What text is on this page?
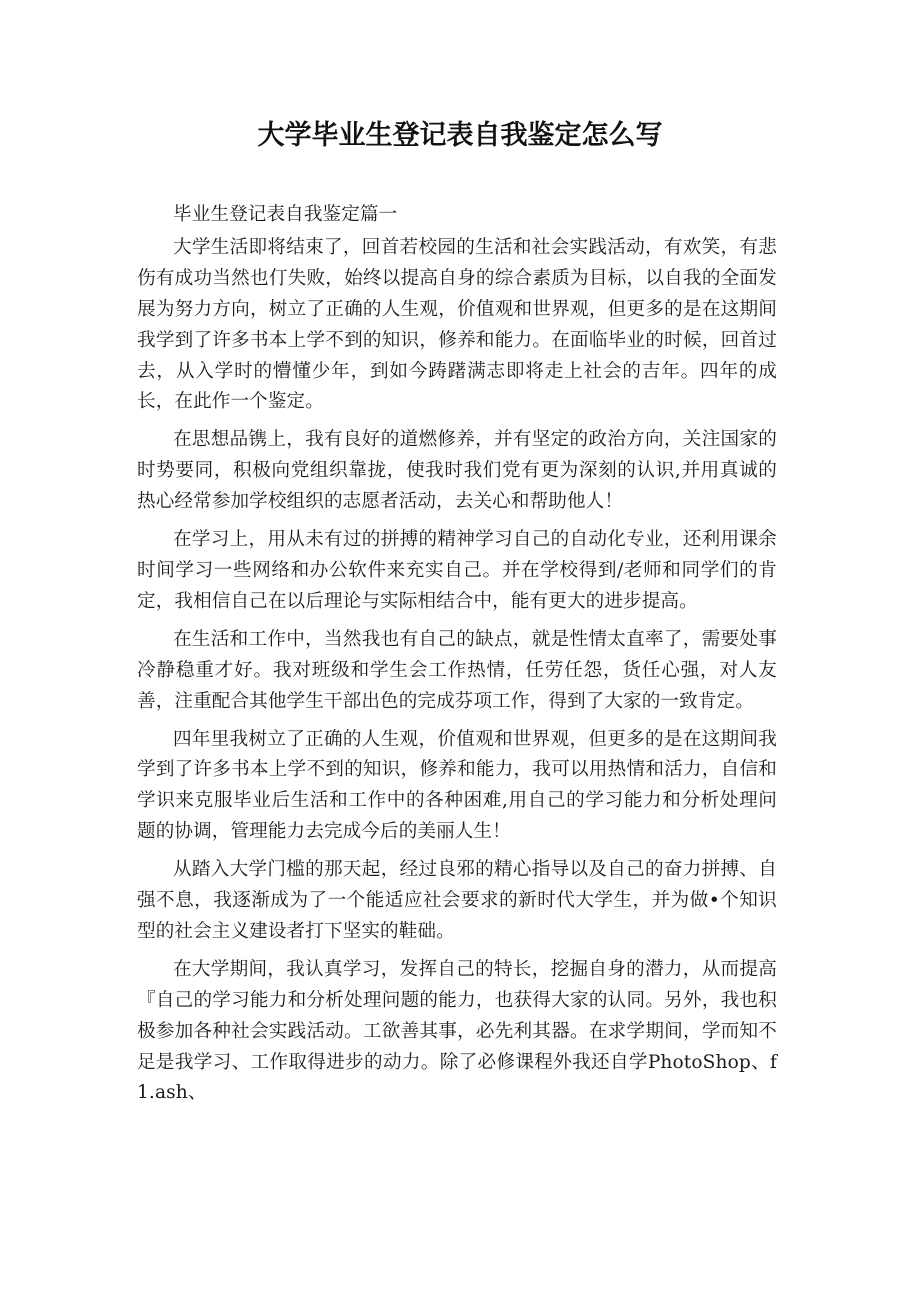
大学毕业生登记表自我鉴定怎么写

毕业生登记表自我鉴定篇一

大学生活即将结束了，回首若校园的生活和社会实践活动，有欢笑，有悲伤有成功当然也仃失败，始终以提高自身的综合素质为目标，以自我的全面发展为努力方向，树立了正确的人生观，价值观和世界观，但更多的是在这期间我学到了许多书本上学不到的知识，修养和能力。在面临毕业的时候，回首过去，从入学时的懵懂少年，到如今踌躇满志即将走上社会的吉年。四年的成长，在此作一个鉴定。

在思想品镌上，我有良好的道燃修养，并有坚定的政治方向，关注国家的时势要同，积极向党组织靠拢，使我时我们党有更为深刻的认识,并用真诚的热心经常参加学校组织的志愿者活动，去关心和帮助他人！

在学习上，用从未有过的拼搏的精神学习自己的自动化专业，还利用课余时间学习一些网络和办公软件来充实自己。并在学校得到/老师和同学们的肯定，我相信自己在以后理论与实际相结合中，能有更大的进步提高。

在生活和工作中，当然我也有自己的缺点，就是性情太直率了，需要处事冷静稳重才好。我对班级和学生会工作热情，任劳任怨，货任心强，对人友善，注重配合其他学生干部出色的完成芬项工作，得到了大家的一致肯定。

四年里我树立了正确的人生观，价值观和世界观，但更多的是在这期间我学到了许多书本上学不到的知识，修养和能力，我可以用热情和活力，自信和学识来克服毕业后生活和工作中的各种困难,用自己的学习能力和分析处理问题的协调，管理能力去完成今后的美丽人生！

从踏入大学门槛的那天起，经过良邪的精心指导以及自己的奋力拼搏、自强不息，我逐渐成为了一个能适应社会要求的新时代大学生，并为做•个知识型的社会主义建设者打下坚实的鞋础。

在大学期间，我认真学习，发挥自己的特长，挖掘自身的潜力，从而提高『自己的学习能力和分析处理问题的能力，也获得大家的认同。另外，我也积极参加各种社会实践活动。工欲善其事，必先利其器。在求学期间，学而知不足是我学习、工作取得进步的动力。除了必修课程外我还自学PhotoShop、f1.ash、
